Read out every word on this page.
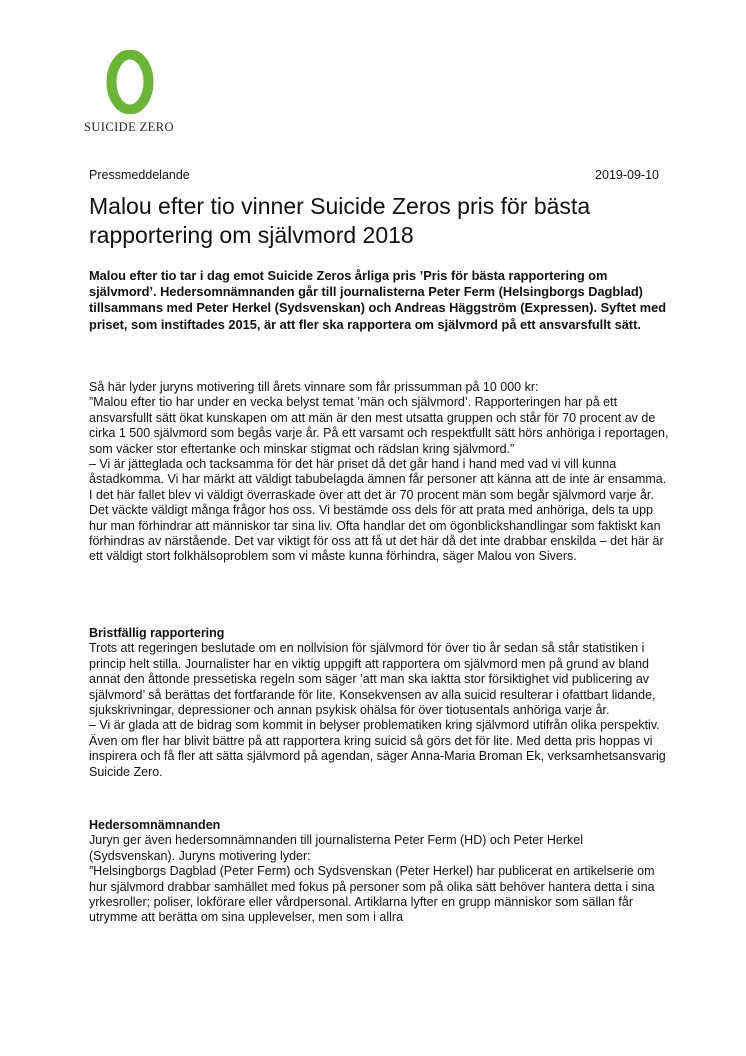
SUICIDE ZERO
Pressmeddelande	2019-09-10
Malou efter tio vinner Suicide Zeros pris för bästa rapportering om självmord 2018

Malou efter tio tar i dag emot Suicide Zeros årliga pris ’Pris för bästa rapportering om självmord’. Hedersomnämnanden går till journalisterna Peter Ferm (Helsingborgs Dagblad) tillsammans med Peter Herkel (Sydsvenskan) och Andreas Häggström (Expressen). Syftet med priset, som instiftades 2015, är att fler ska rapportera om självmord på ett ansvarsfullt sätt.

Så här lyder juryns motivering till årets vinnare som får prissumman på 10 000 kr:

”Malou efter tio har under en vecka belyst temat ’män och självmord’. Rapporteringen har på ett ansvarsfullt sätt ökat kunskapen om att män är den mest utsatta gruppen och står för 70 procent av de cirka 1 500 självmord som begås varje år. På ett varsamt och respektfullt sätt hörs anhöriga i reportagen, som väcker stor eftertanke och minskar stigmat och rädslan kring självmord.”

– Vi är jätteglada och tacksamma för det här priset då det går hand i hand med vad vi vill kunna åstadkomma. Vi har märkt att väldigt tabubelagda ämnen får personer att känna att de inte är ensamma. I det här fallet blev vi väldigt överraskade över att det är 70 procent män som begår självmord varje år. Det väckte väldigt många frågor hos oss. Vi bestämde oss dels för att prata med anhöriga, dels ta upp hur man förhindrar att människor tar sina liv. Ofta handlar det om ögonblickshandlingar som faktiskt kan förhindras av närstående. Det var viktigt för oss att få ut det här då det inte drabbar enskilda – det här är ett väldigt stort folkhälsoproblem som vi måste kunna förhindra, säger Malou von Sivers.

Bristfällig rapportering

Trots att regeringen beslutade om en nollvision för självmord för över tio år sedan så står statistiken i princip helt stilla. Journalister har en viktig uppgift att rapportera om självmord men på grund av bland annat den åttonde pressetiska regeln som säger ’att man ska iaktta stor försiktighet vid publicering av självmord’ så berättas det fortfarande för lite. Konsekvensen av alla suicid resulterar i ofattbart lidande, sjukskrivningar, depressioner och annan psykisk ohälsa för över tiotusentals anhöriga varje år.

– Vi är glada att de bidrag som kommit in belyser problematiken kring självmord utifrån olika perspektiv. Även om fler har blivit bättre på att rapportera kring suicid så görs det för lite. Med detta pris hoppas vi inspirera och få fler att sätta självmord på agendan, säger Anna-Maria Broman Ek, verksamhetsansvarig Suicide Zero.

Hedersomnämnanden

Juryn ger även hedersomnämnanden till journalisterna Peter Ferm (HD) och Peter Herkel (Sydsvenskan). Juryns motivering lyder:

”Helsingborgs Dagblad (Peter Ferm) och Sydsvenskan (Peter Herkel) har publicerat en artikelserie om hur självmord drabbar samhället med fokus på personer som på olika sätt behöver hantera detta i sina yrkesroller; poliser, lokförare eller vårdpersonal. Artiklarna lyfter en grupp människor som sällan får utrymme att berätta om sina upplevelser, men som i allra
